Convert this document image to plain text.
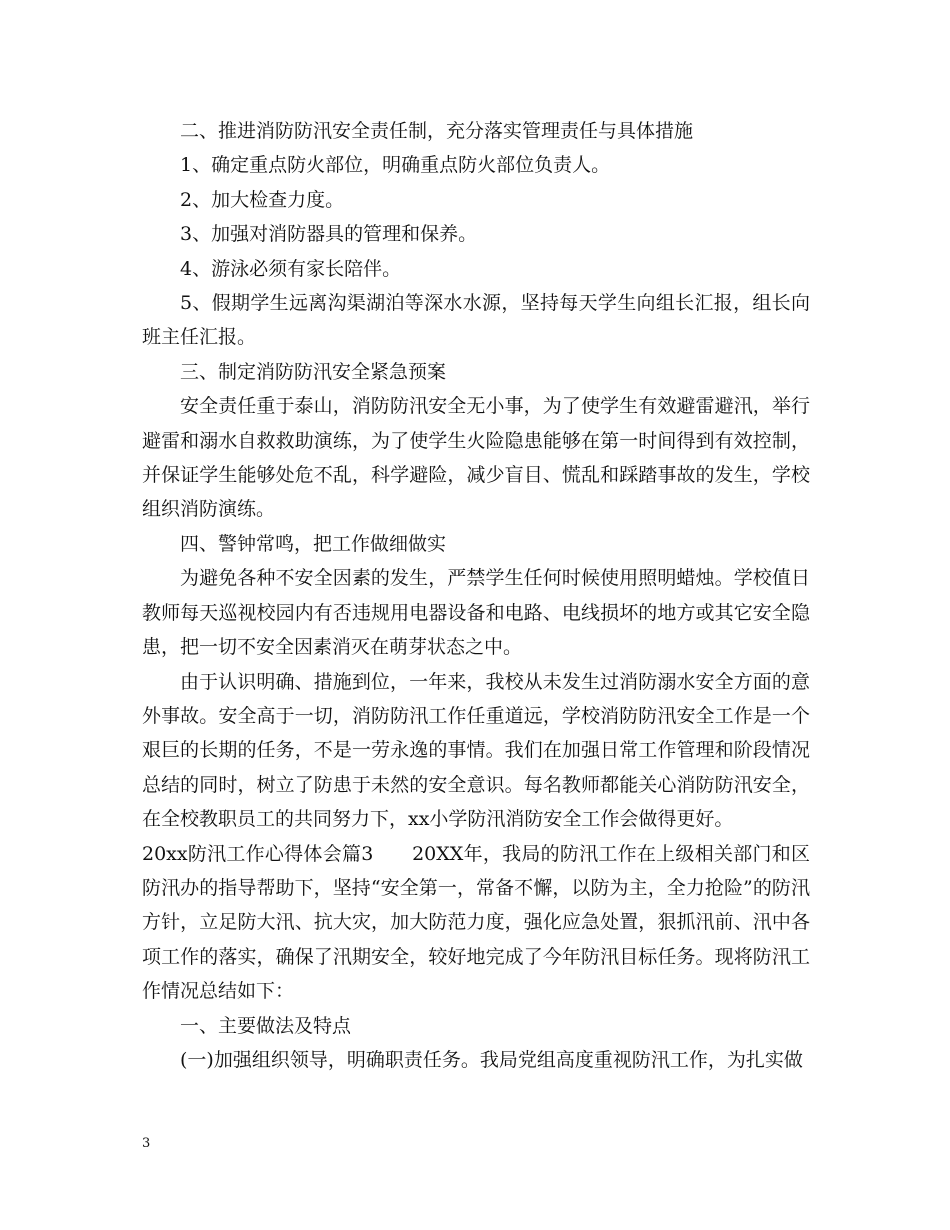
二、推进消防防汛安全责任制，充分落实管理责任与具体措施

1、确定重点防火部位，明确重点防火部位负责人。

2、加大检查力度。

3、加强对消防器具的管理和保养。

4、游泳必须有家长陪伴。

5、假期学生远离沟渠湖泊等深水水源，坚持每天学生向组长汇报，组长向班主任汇报。

三、制定消防防汛安全紧急预案

安全责任重于泰山，消防防汛安全无小事，为了使学生有效避雷避汛，举行避雷和溺水自救救助演练，为了使学生火险隐患能够在第一时间得到有效控制，并保证学生能够处危不乱，科学避险，减少盲目、慌乱和踩踏事故的发生，学校组织消防演练。

四、警钟常鸣，把工作做细做实

为避免各种不安全因素的发生，严禁学生任何时候使用照明蜡烛。学校值日教师每天巡视校园内有否违规用电器设备和电路、电线损坏的地方或其它安全隐患，把一切不安全因素消灭在萌芽状态之中。

由于认识明确、措施到位，一年来，我校从未发生过消防溺水安全方面的意外事故。安全高于一切，消防防汛工作任重道远，学校消防防汛安全工作是一个艰巨的长期的任务，不是一劳永逸的事情。我们在加强日常工作管理和阶段情况总结的同时，树立了防患于未然的安全意识。每名教师都能关心消防防汛安全，在全校教职员工的共同努力下，xx小学防汛消防安全工作会做得更好。

20xx防汛工作心得体会篇3　　20XX年，我局的防汛工作在上级相关部门和区防汛办的指导帮助下，坚持“安全第一，常备不懈，以防为主，全力抢险”的防汛方针，立足防大汛、抗大灾，加大防范力度，强化应急处置，狠抓汛前、汛中各项工作的落实，确保了汛期安全，较好地完成了今年防汛目标任务。现将防汛工作情况总结如下：

一、主要做法及特点

(一)加强组织领导，明确职责任务。我局党组高度重视防汛工作，为扎实做

3
